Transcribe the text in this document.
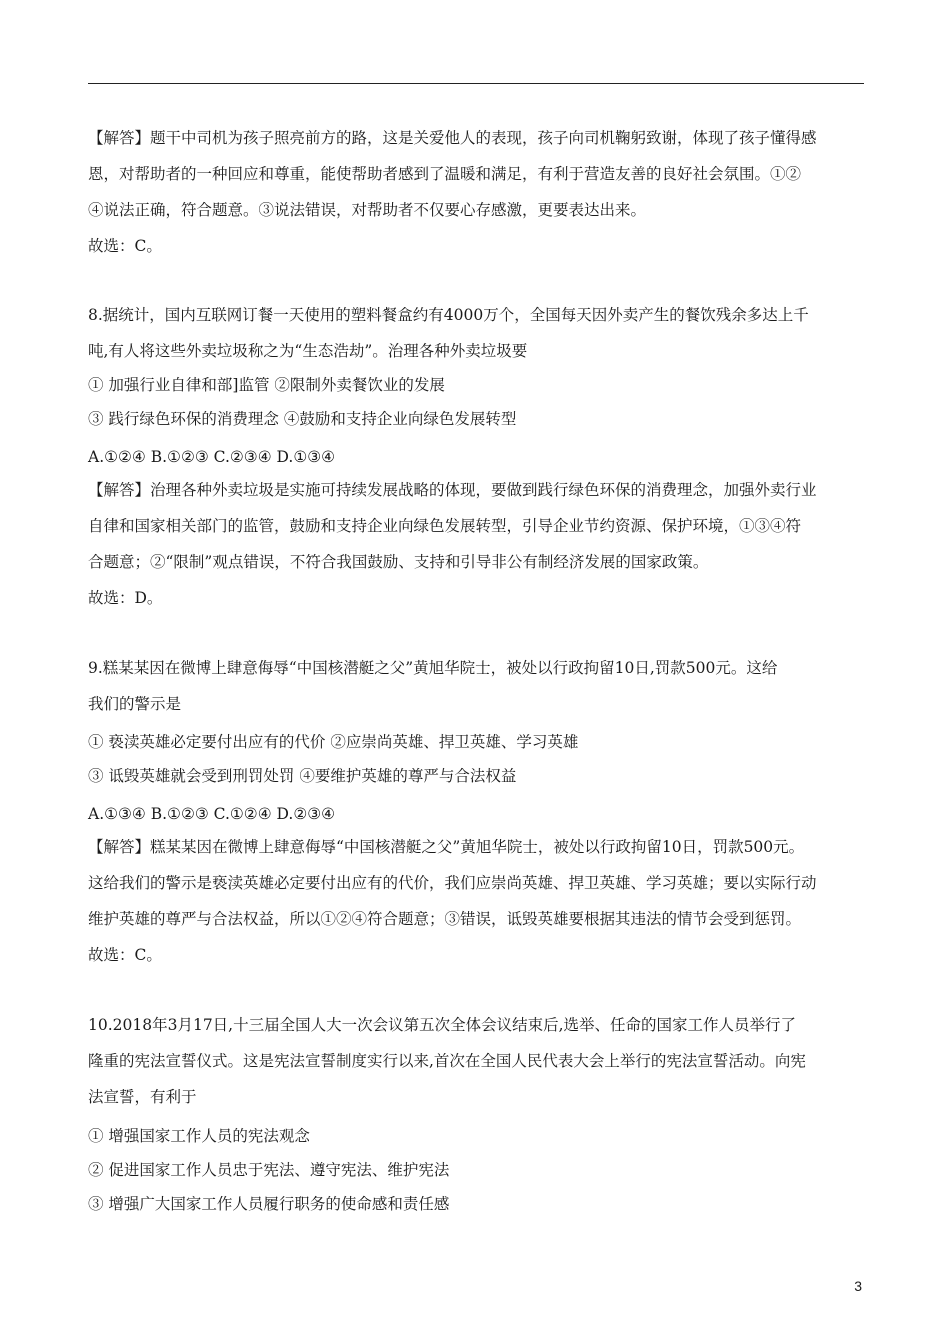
【解答】题干中司机为孩子照亮前方的路，这是关爱他人的表现，孩子向司机鞠躬致谢，体现了孩子懂得感
恩，对帮助者的一种回应和尊重，能使帮助者感到了温暖和满足，有利于营造友善的良好社会氛围。①②
④说法正确，符合题意。③说法错误，对帮助者不仅要心存感激，更要表达出来。
故选：C。
8.据统计，国内互联网订餐一天使用的塑料餐盒约有4000万个，全国每天因外卖产生的餐饮残余多达上千
吨,有人将这些外卖垃圾称之为“生态浩劫”。治理各种外卖垃圾要
① 加强行业自律和部]监管 ②限制外卖餐饮业的发展
③ 践行绿色环保的消费理念 ④鼓励和支持企业向绿色发展转型
A.①②④ B.①②③ C.②③④ D.①③④
【解答】治理各种外卖垃圾是实施可持续发展战略的体现，要做到践行绿色环保的消费理念，加强外卖行业
自律和国家相关部门的监管，鼓励和支持企业向绿色发展转型，引导企业节约资源、保护环境，①③④符
合题意；②“限制”观点错误，不符合我国鼓励、支持和引导非公有制经济发展的国家政策。
故选：D。
9.糕某某因在微博上肆意侮辱“中国核潜艇之父”黄旭华院士，被处以行政拘留10日,罚款500元。这给
我们的警示是
① 亵渎英雄必定要付出应有的代价 ②应崇尚英雄、捍卫英雄、学习英雄
③ 诋毁英雄就会受到刑罚处罚 ④要维护英雄的尊严与合法权益
A.①③④ B.①②③ C.①②④ D.②③④
【解答】糕某某因在微博上肆意侮辱“中国核潜艇之父”黄旭华院士，被处以行政拘留10日，罚款500元。
这给我们的警示是亵渎英雄必定要付出应有的代价，我们应崇尚英雄、捍卫英雄、学习英雄；要以实际行动
维护英雄的尊严与合法权益，所以①②④符合题意；③错误，诋毁英雄要根据其违法的情节会受到惩罚。
故选：C。
10.2018年3月17日,十三届全国人大一次会议第五次全体会议结束后,选举、任命的国家工作人员举行了
隆重的宪法宣誓仪式。这是宪法宣誓制度实行以来,首次在全国人民代表大会上举行的宪法宣誓活动。向宪
法宣誓，有利于
① 增强国家工作人员的宪法观念
② 促进国家工作人员忠于宪法、遵守宪法、维护宪法
③ 增强广大国家工作人员履行职务的使命感和责任感
3
